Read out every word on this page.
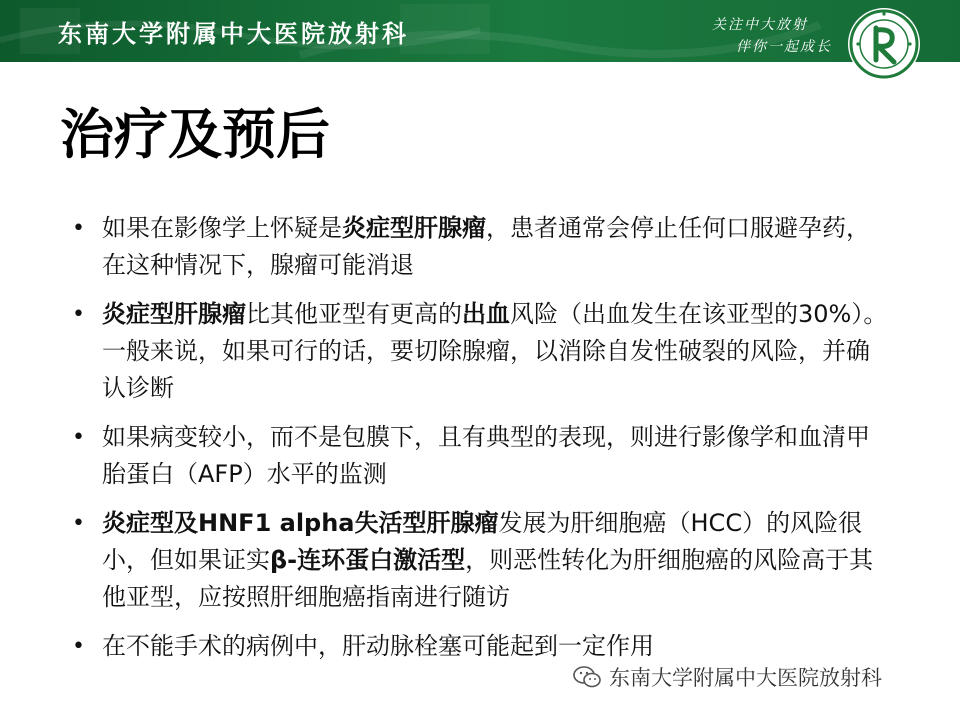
东南大学附属中大医院放射科	关注中大放射
伴你一起成长
治疗及预后
• 如果在影像学上怀疑是炎症型肝腺瘤，患者通常会停止任何口服避孕药，在这种情况下，腺瘤可能消退
• 炎症型肝腺瘤比其他亚型有更高的出血风险（出血发生在该亚型的30%）。一般来说，如果可行的话，要切除腺瘤，以消除自发性破裂的风险，并确认诊断
• 如果病变较小，而不是包膜下，且有典型的表现，则进行影像学和血清甲胎蛋白（AFP）水平的监测
• 炎症型及HNF1 alpha失活型肝腺瘤发展为肝细胞癌（HCC）的风险很小，但如果证实β-连环蛋白激活型，则恶性转化为肝细胞癌的风险高于其他亚型，应按照肝细胞癌指南进行随访
• 在不能手术的病例中，肝动脉栓塞可能起到一定作用
东南大学附属中大医院放射科
